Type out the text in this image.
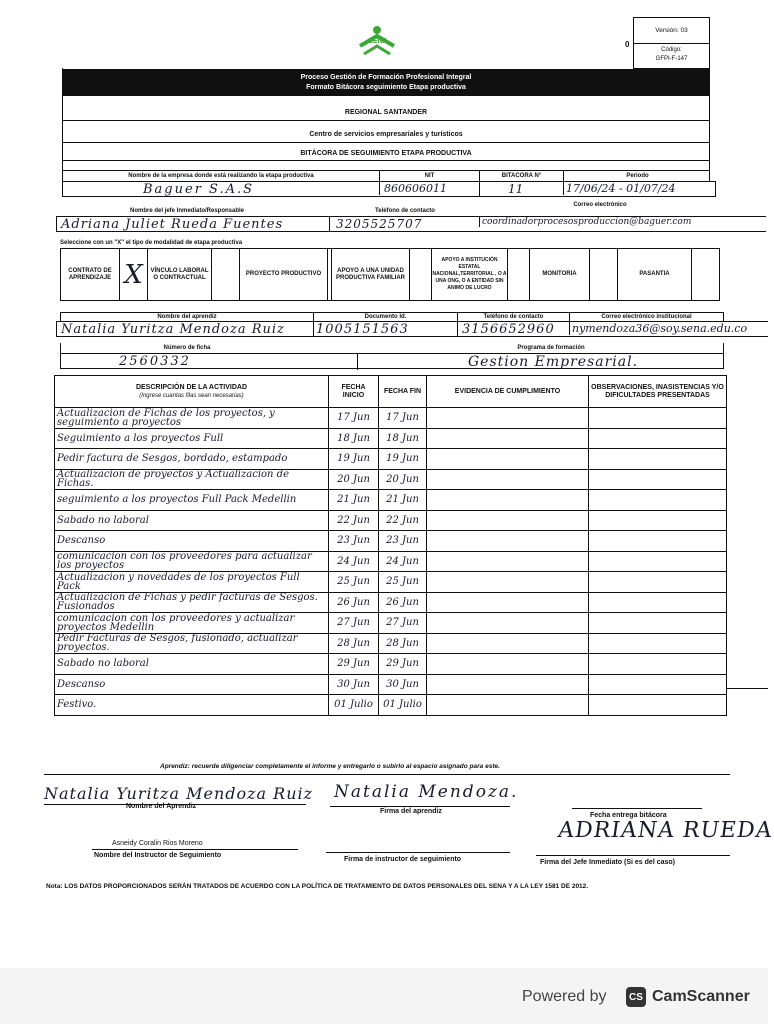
SENA	0
Versión: 03
Código:
GFPI-F-147
Proceso Gestión de Formación Profesional Integral
Formato Bitácora seguimiento Etapa productiva
REGIONAL SANTANDER
Centro de servicios empresariales y turísticos
BITÁCORA DE SEGUIMIENTO ETAPA PRODUCTIVA
Nombre de la empresa donde está realizando la etapa productiva	NIT	BITACORA N°	Periodo
Baguer S.A.S	860606011	11	17/06/24 - 01/07/24
Nombre del jefe Inmediato/Responsable	Teléfono de contacto
Correo electrónico
Adriana Juliet Rueda Fuentes	3205525707	coordinadorprocesosproduccion@baguer.com
Seleccione con un "X" el tipo de modalidad de etapa productiva
CONTRATO DE APRENDIZAJE X	VÍNCULO LABORAL O CONTRACTUAL
PROYECTO PRODUCTIVO
APOYO A UNA UNIDAD PRODUCTIVA FAMILIAR
APOYO A INSTITUCIÓN ESTATAL NACIONAL,TERRITORIAL , O A UNA ONG, O A ENTIDAD SIN ANIMO DE LUCRO
MONITORIA	PASANTIA
Nombre del aprendiz	Documento Id.	Teléfono de contacto	Correo electrónico institucional
Natalia Yuritza Mendoza Ruiz	1005151563	3156652960	nymendoza36@soy.sena.edu.co
Número de ficha	Programa de formación
2560332	Gestion Empresarial.
DESCRIPCIÓN DE LA ACTIVIDAD
(Ingrese cuantas filas sean necesarias)	FECHA INICIO	FECHA FIN	EVIDENCIA DE CUMPLIMIENTO	OBSERVACIONES, INASISTENCIAS Y/O DIFICULTADES PRESENTADAS
Actualizacion de Fichas de los proyectos, y seguimiento a proyectos	17 Jun	17 Jun		
Seguimiento a los proyectos Full	18 Jun	18 Jun		
Pedir factura de Sesgos, bordado, estampado	19 Jun	19 Jun		
Actualizacion de proyectos y Actualizacion de Fichas.	20 Jun	20 Jun		
seguimiento a los proyectos Full Pack Medellin	21 Jun	21 Jun		
Sabado no laboral	22 Jun	22 Jun		
Descanso	23 Jun	23 Jun		
comunicacion con los proveedores para actualizar los proyectos	24 Jun	24 Jun		
Actualizacion y novedades de los proyectos Full Pack	25 Jun	25 Jun		
Actualizacion de Fichas y pedir facturas de Sesgos. Fusionados	26 Jun	26 Jun		
comunicacion con los proveedores y actualizar proyectos Medellin	27 Jun	27 Jun		
Pedir Facturas de Sesgos, fusionado, actualizar proyectos.	28 Jun	28 Jun		
Sabado no laboral	29 Jun	29 Jun		
Descanso	30 Jun	30 Jun		
Festivo.	01 Julio	01 Julio		
Aprendiz: recuerde diligenciar completamente el informe y entregarlo o subirlo al espacio asignado para este.
Natalia Yuritza Mendoza Ruiz
Nombre del Aprendiz
Natalia Mendoza.
Firma del aprendiz
Fecha entrega bitácora
Asneidy Coralin Rios Moreno
Nombre del Instructor de Seguimiento
Firma de instructor de seguimiento
ADRIANA RUEDA
Firma del Jefe Inmediato (Si es del caso)
Nota: LOS DATOS PROPORCIONADOS SERÁN TRATADOS DE ACUERDO CON LA POLÍTICA DE TRATAMIENTO DE DATOS PERSONALES DEL SENA Y A LA LEY 1581 DE 2012.
Powered by	CS CamScanner
